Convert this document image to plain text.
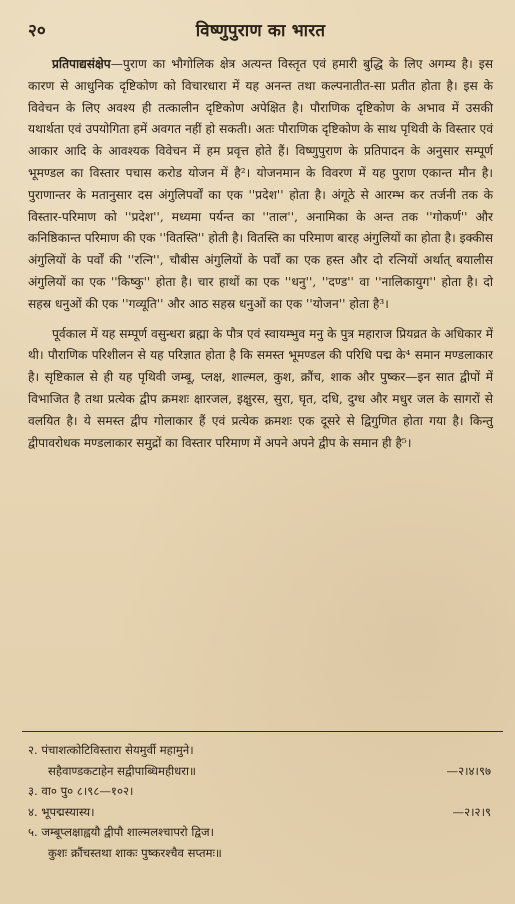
२०	विष्णुपुराण का भारत

प्रतिपाद्यसंक्षेप—पुराण का भौगोलिक क्षेत्र अत्यन्त विस्तृत एवं हमारी बुद्धि के लिए अगम्य है। इस कारण से आधुनिक दृष्टिकोण को विचारधारा में यह अनन्त तथा कल्पनातीत-सा प्रतीत होता है। इस के विवेचन के लिए अवश्य ही तत्कालीन दृष्टिकोण अपेक्षित है। पौराणिक दृष्टिकोण के अभाव में उसकी यथार्थता एवं उपयोगिता हमें अवगत नहीं हो सकती। अतः पौराणिक दृष्टिकोण के साथ पृथिवी के विस्तार एवं आकार आदि के आवश्यक विवेचन में हम प्रवृत्त होते हैं। विष्णुपुराण के प्रतिपादन के अनुसार सम्पूर्ण भूमण्डल का विस्तार पचास करोड योजन में है²। योजनमान के विवरण में यह पुराण एकान्त मौन है। पुराणान्तर के मतानुसार दस अंगुलिपर्वों का एक ''प्रदेश'' होता है। अंगूठे से आरम्भ कर तर्जनी तक के विस्तार-परिमाण को ''प्रदेश'', मध्यमा पर्यन्त का ''ताल'', अनामिका के अन्त तक ''गोकर्ण'' और कनिष्ठिकान्त परिमाण की एक ''वितस्ति'' होती है। वितस्ति का परिमाण बारह अंगुलियों का होता है। इक्कीस अंगुलियों के पर्वों की ''रत्नि'', चौबीस अंगुलियों के पर्वों का एक हस्त और दो रत्नियों अर्थात् बयालीस अंगुलियों का एक ''किष्कु'' होता है। चार हाथों का एक ''धनु'', ''दण्ड'' वा ''नालिकायुग'' होता है। दो सहस्र धनुओं की एक ''गव्यूति'' और आठ सहस्र धनुओं का एक ''योजन'' होता है³।

पूर्वकाल में यह सम्पूर्ण वसुन्धरा ब्रह्मा के पौत्र एवं स्वायम्भुव मनु के पुत्र महाराज प्रियव्रत के अधिकार में थी। पौराणिक परिशीलन से यह परिज्ञात होता है कि समस्त भूमण्डल की परिधि पद्म के⁴ समान मण्डलाकार है। सृष्टिकाल से ही यह पृथिवी जम्बू, प्लक्ष, शाल्मल, कुश, क्रौंच, शाक और पुष्कर—इन सात द्वीपों में विभाजित है तथा प्रत्येक द्वीप क्रमशः क्षारजल, इक्षुरस, सुरा, घृत, दधि, दुग्ध और मधुर जल के सागरों से वलयित है। ये समस्त द्वीप गोलाकार हैं एवं प्रत्येक क्रमशः एक दूसरे से द्विगुणित होता गया है। किन्तु द्वीपावरोधक मण्डलाकार समुद्रों का विस्तार परिमाण में अपने अपने द्वीप के समान ही है⁵।

२. पंचाशत्कोटिविस्तारा सेयमुर्वी महामुने।
सहैवाण्डकटाहेन सद्वीपाब्धिमहीधरा॥	—२।४।९७
३. वा० पु० ८।९८—१०२।
४. भूपद्मस्यास्य।	—२।२।९
५. जम्बूप्लक्षाह्वयौ द्वीपौ शाल्मलश्चापरो द्विज।
कुशः क्रौंचस्तथा शाकः पुष्करश्चैव सप्तमः॥
